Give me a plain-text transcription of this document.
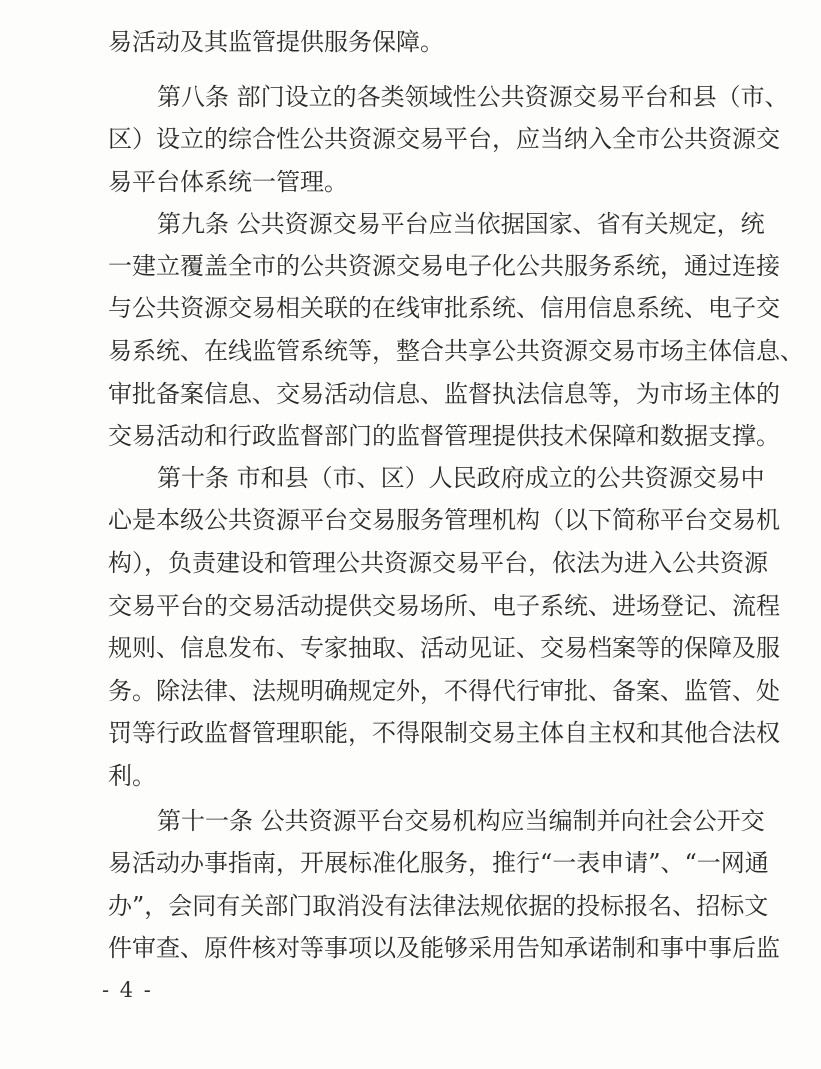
易活动及其监管提供服务保障。
第八条 部门设立的各类领域性公共资源交易平台和县（市、
区）设立的综合性公共资源交易平台，应当纳入全市公共资源交
易平台体系统一管理。
第九条 公共资源交易平台应当依据国家、省有关规定，统
一建立覆盖全市的公共资源交易电子化公共服务系统，通过连接
与公共资源交易相关联的在线审批系统、信用信息系统、电子交
易系统、在线监管系统等，整合共享公共资源交易市场主体信息、
审批备案信息、交易活动信息、监督执法信息等，为市场主体的
交易活动和行政监督部门的监督管理提供技术保障和数据支撑。
第十条 市和县（市、区）人民政府成立的公共资源交易中
心是本级公共资源平台交易服务管理机构（以下简称平台交易机
构），负责建设和管理公共资源交易平台，依法为进入公共资源
交易平台的交易活动提供交易场所、电子系统、进场登记、流程
规则、信息发布、专家抽取、活动见证、交易档案等的保障及服
务。除法律、法规明确规定外，不得代行审批、备案、监管、处
罚等行政监督管理职能，不得限制交易主体自主权和其他合法权
利。
第十一条 公共资源平台交易机构应当编制并向社会公开交
易活动办事指南，开展标准化服务，推行“一表申请”、“一网通
办”，会同有关部门取消没有法律法规依据的投标报名、招标文
件审查、原件核对等事项以及能够采用告知承诺制和事中事后监
- 4 -
